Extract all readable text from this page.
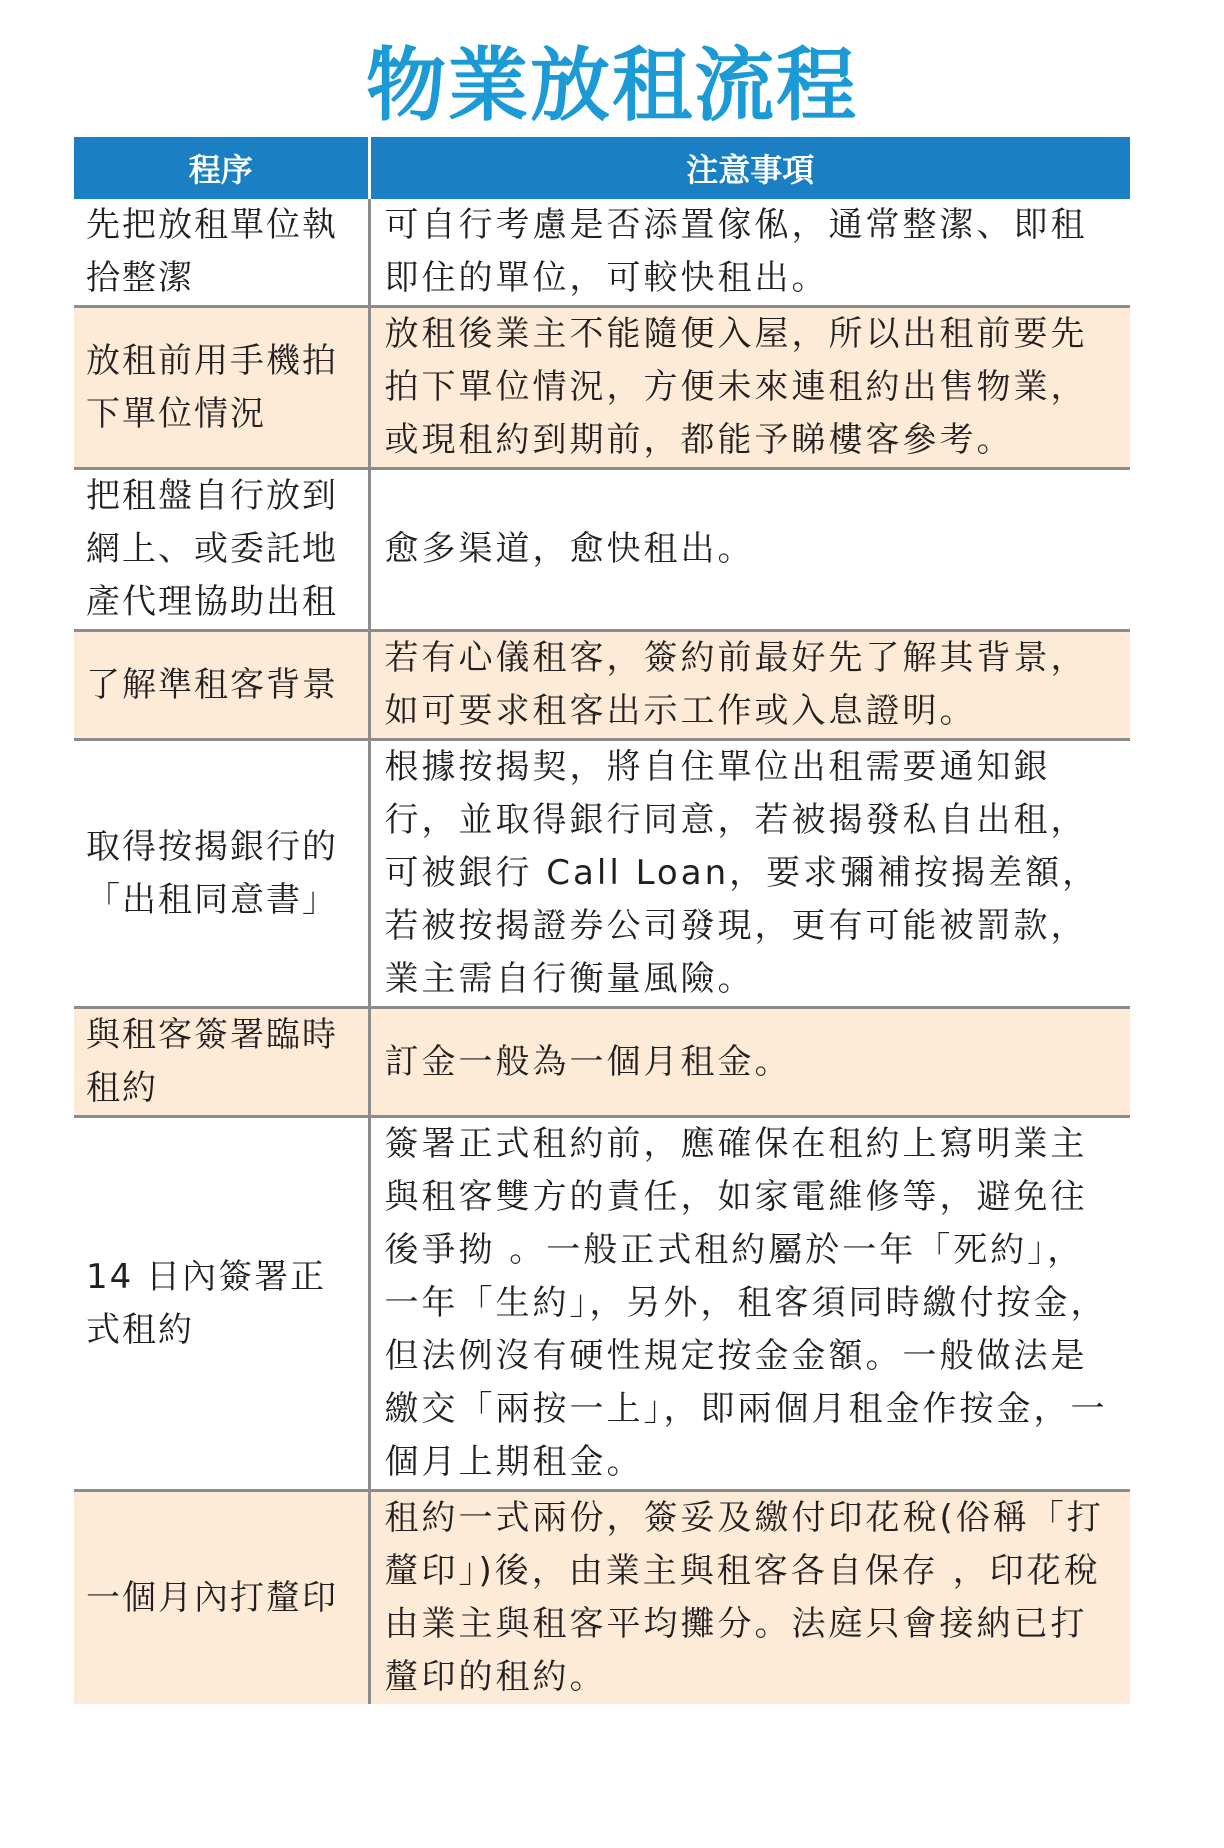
物業放租流程
程序	注意事項
先把放租單位執拾整潔	可自行考慮是否添置傢俬，通常整潔、即租即住的單位，可較快租出。
放租前用手機拍下單位情況	放租後業主不能隨便入屋，所以出租前要先拍下單位情況，方便未來連租約出售物業，或現租約到期前，都能予睇樓客參考。
把租盤自行放到網上、或委託地產代理協助出租	愈多渠道，愈快租出。
了解準租客背景	若有心儀租客，簽約前最好先了解其背景，如可要求租客出示工作或入息證明。
取得按揭銀行的「出租同意書」	根據按揭契，將自住單位出租需要通知銀行，並取得銀行同意，若被揭發私自出租，可被銀行 Call Loan，要求彌補按揭差額，若被按揭證券公司發現，更有可能被罰款，業主需自行衡量風險。
與租客簽署臨時租約	訂金一般為一個月租金。
14 日內簽署正式租約	簽署正式租約前，應確保在租約上寫明業主與租客雙方的責任，如家電維修等，避免往後爭拗 。一般正式租約屬於一年「死約」，一年「生約」，另外，租客須同時繳付按金，但法例沒有硬性規定按金金額。一般做法是繳交「兩按一上」，即兩個月租金作按金，一個月上期租金。
一個月內打釐印	租約一式兩份，簽妥及繳付印花稅(俗稱「打釐印」)後，由業主與租客各自保存 ，印花稅由業主與租客平均攤分。法庭只會接納已打釐印的租約。
